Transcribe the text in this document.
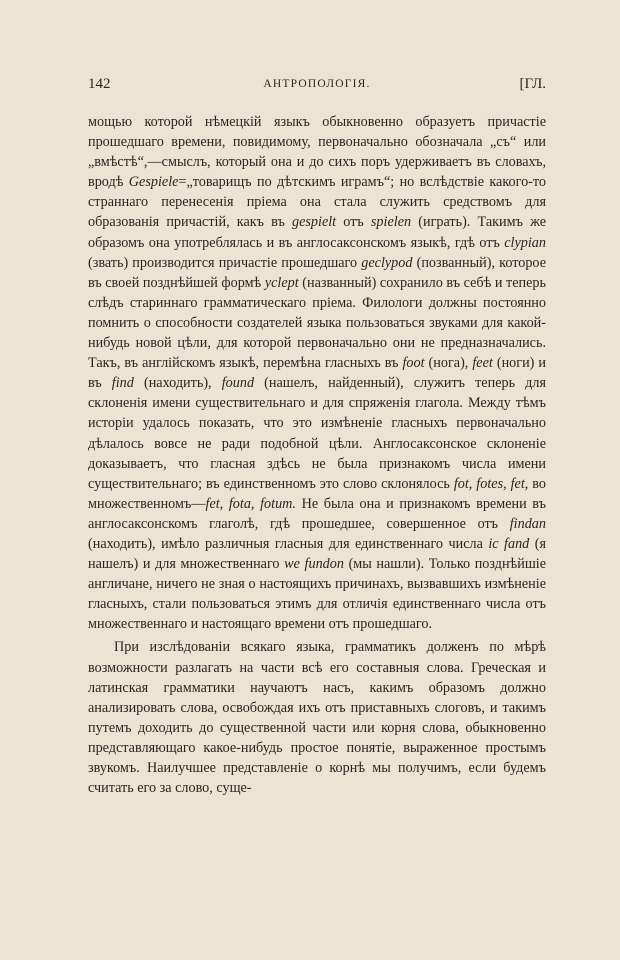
142	АНТРОПОЛОГІЯ.	[ГЛ.

мощью которой нѣмецкій языкъ обыкновенно образуетъ причастіе прошедшаго времени, повидимому, первоначально обозначала „съ“ или „вмѣстѣ“,—смыслъ, который она и до сихъ поръ удерживаетъ въ словахъ, вродѣ Gespiele=„товарищъ по дѣтскимъ играмъ“; но вслѣдствіе какого-то страннаго перенесенія пріема она стала служить средствомъ для образованія причастій, какъ въ gespielt отъ spielen (играть). Такимъ же образомъ она употреблялась и въ англосаксонскомъ языкѣ, гдѣ отъ clypian (звать) производится причастіе прошедшаго geclypod (позванный), которое въ своей позднѣйшей формѣ yclept (названный) сохранило въ себѣ и теперь слѣдъ стариннаго грамматическаго пріема. Филологи должны постоянно помнить о способности создателей языка пользоваться звуками для какой-нибудь новой цѣли, для которой первоначально они не предназначались. Такъ, въ англійскомъ языкѣ, перемѣна гласныхъ въ foot (нога), feet (ноги) и въ find (находить), found (нашелъ, найденный), служитъ теперь для склоненія имени существительнаго и для спряженія глагола. Между тѣмъ исторіи удалось показать, что это измѣненіе гласныхъ первоначально дѣлалось вовсе не ради подобной цѣли. Англосаксонское склоненіе доказываетъ, что гласная здѣсь не была признакомъ числа имени существительнаго; въ единственномъ это слово склонялось fot, fotes, fet, во множественномъ—fet, fota, fotum. Не была она и признакомъ времени въ англосаксонскомъ глаголѣ, гдѣ прошедшее, совершенное отъ findan (находить), имѣло различныя гласныя для единственнаго числа ic fand (я нашелъ) и для множественнаго we fundon (мы нашли). Только позднѣйшіе англичане, ничего не зная о настоящихъ причинахъ, вызвавшихъ измѣненіе гласныхъ, стали пользоваться этимъ для отличія единственнаго числа отъ множественнаго и настоящаго времени отъ прошедшаго.

При изслѣдованіи всякаго языка, грамматикъ долженъ по мѣрѣ возможности разлагать на части всѣ его составныя слова. Греческая и латинская грамматики научаютъ насъ, какимъ образомъ должно анализировать слова, освобождая ихъ отъ приставныхъ слоговъ, и такимъ путемъ доходить до существенной части или корня слова, обыкновенно представляющаго какое-нибудь простое понятіе, выраженное простымъ звукомъ. Наилучшее представленіе о корнѣ мы получимъ, если будемъ считать его за слово, суще-
